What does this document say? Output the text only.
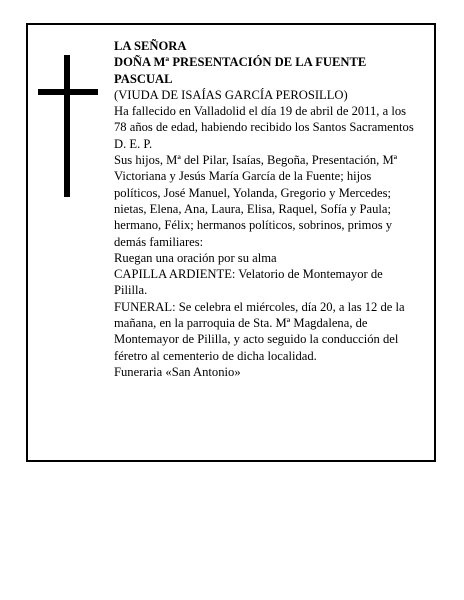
LA SEÑORA

DOÑA Mª PRESENTACIÓN DE LA FUENTE PASCUAL

(VIUDA DE ISAÍAS GARCÍA PEROSILLO)

Ha fallecido en Valladolid el día 19 de abril de 2011, a los 78 años de edad, habiendo recibido los Santos Sacramentos

D. E. P.

Sus hijos, Mª del Pilar, Isaías, Begoña, Presentación, Mª Victoriana y Jesús María García de la Fuente; hijos políticos, José Manuel, Yolanda, Gregorio y Mercedes; nietas, Elena, Ana, Laura, Elisa, Raquel, Sofía y Paula; hermano, Félix; hermanos políticos, sobrinos, primos y demás familiares:

Ruegan una oración por su alma

CAPILLA ARDIENTE: Velatorio de Montemayor de Pililla.

FUNERAL: Se celebra el miércoles, día 20, a las 12 de la mañana, en la parroquia de Sta. Mª Magdalena, de Montemayor de Pililla, y acto seguido la conducción del féretro al cementerio de dicha localidad.

Funeraria «San Antonio»
